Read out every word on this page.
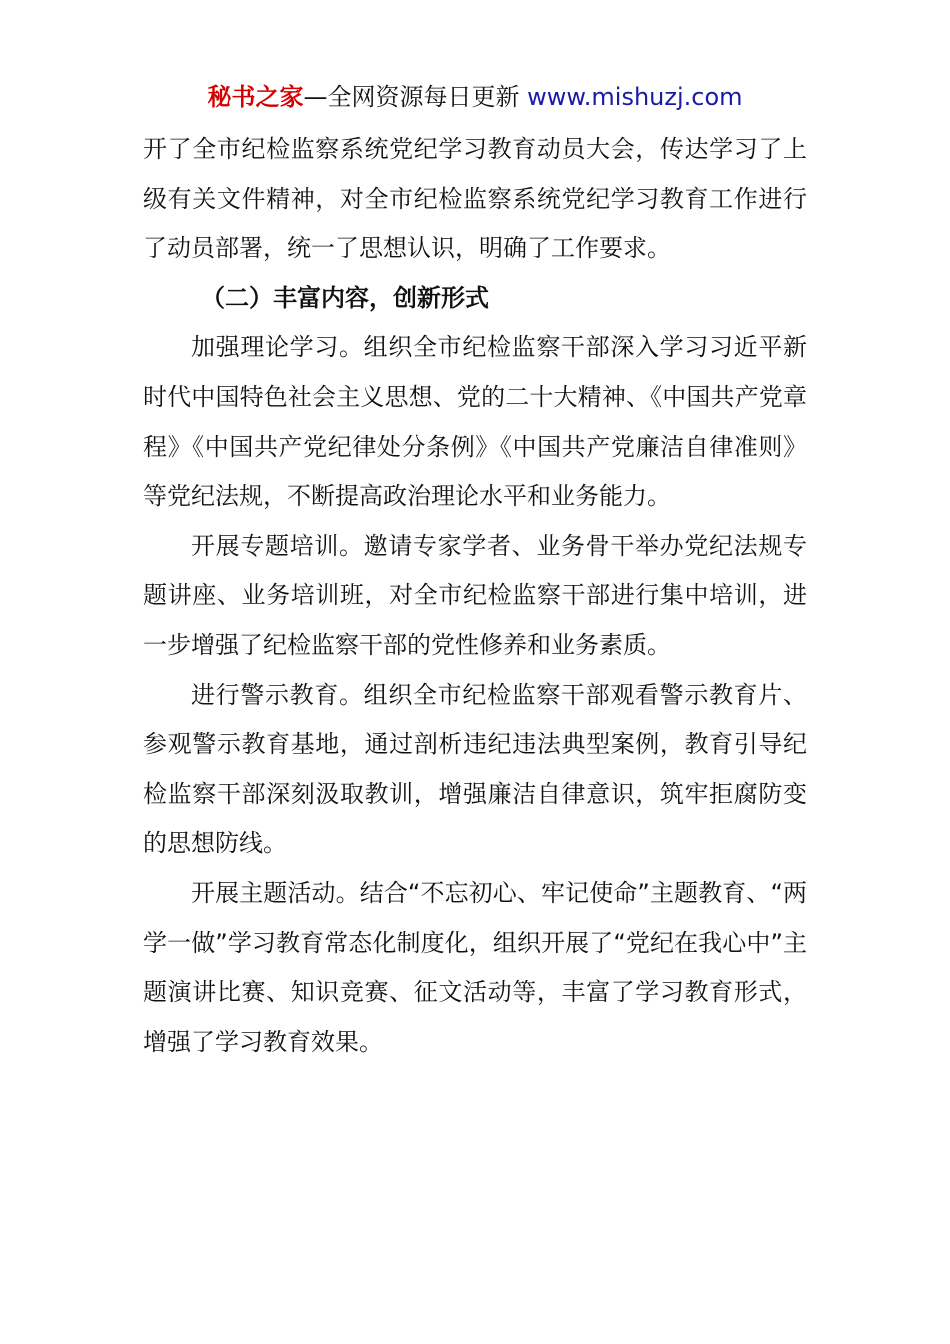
秘书之家—全网资源每日更新 www.mishuzj.com

开了全市纪检监察系统党纪学习教育动员大会，传达学习了上级有关文件精神，对全市纪检监察系统党纪学习教育工作进行了动员部署，统一了思想认识，明确了工作要求。

（二）丰富内容，创新形式

加强理论学习。组织全市纪检监察干部深入学习习近平新时代中国特色社会主义思想、党的二十大精神、《中国共产党章程》《中国共产党纪律处分条例》《中国共产党廉洁自律准则》等党纪法规，不断提高政治理论水平和业务能力。

开展专题培训。邀请专家学者、业务骨干举办党纪法规专题讲座、业务培训班，对全市纪检监察干部进行集中培训，进一步增强了纪检监察干部的党性修养和业务素质。

进行警示教育。组织全市纪检监察干部观看警示教育片、参观警示教育基地，通过剖析违纪违法典型案例，教育引导纪检监察干部深刻汲取教训，增强廉洁自律意识，筑牢拒腐防变的思想防线。

开展主题活动。结合“不忘初心、牢记使命”主题教育、“两学一做”学习教育常态化制度化，组织开展了“党纪在我心中”主题演讲比赛、知识竞赛、征文活动等，丰富了学习教育形式，增强了学习教育效果。
